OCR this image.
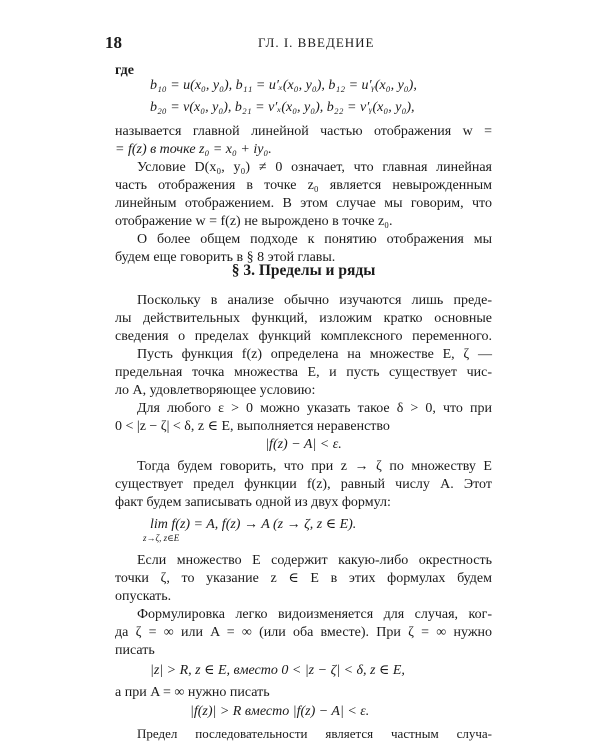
18	ГЛ. I. ВВЕДЕНИЕ
где
b₁₀ = u(x₀, y₀), b₁₁ = u′ₓ(x₀, y₀), b₁₂ = u′ᵧ(x₀, y₀),
b₂₀ = v(x₀, y₀), b₂₁ = v′ₓ(x₀, y₀), b₂₂ = v′ᵧ(x₀, y₀),
называется главной линейной частью отображения w =
= f(z) в точке z₀ = x₀ + iy₀.
Условие D(x₀, y₀) ≠ 0 означает, что главная линейная
часть отображения в точке z₀ является невырожденным
линейным отображением. В этом случае мы говорим, что
отображение w = f(z) не вырождено в точке z₀.
О более общем подходе к понятию отображения мы
будем еще говорить в § 8 этой главы.
§ 3. Пределы и ряды
Поскольку в анализе обычно изучаются лишь преде-
лы действительных функций, изложим кратко основные
сведения о пределах функций комплексного переменного.
Пусть функция f(z) определена на множестве E, ζ —
предельная точка множества E, и пусть существует чис-
ло A, удовлетворяющее условию:
Для любого ε > 0 можно указать такое δ > 0, что при
0 < |z − ζ| < δ, z ∈ E, выполняется неравенство
|f(z) − A| < ε.
Тогда будем говорить, что при z → ζ по множеству E
существует предел функции f(z), равный числу A. Этот
факт будем записывать одной из двух формул:
lim f(z) = A, f(z) → A (z → ζ, z ∈ E).
z→ζ, z∈E
Если множество E содержит какую-либо окрестность
точки ζ, то указание z ∈ E в этих формулах будем
опускать.
Формулировка легко видоизменяется для случая, ког-
да ζ = ∞ или A = ∞ (или оба вместе). При ζ = ∞ нужно
писать
|z| > R, z ∈ E, вместо 0 < |z − ζ| < δ, z ∈ E,
а при A = ∞ нужно писать
|f(z)| > R вместо |f(z) − A| < ε.
Предел последовательности является частным случа-
